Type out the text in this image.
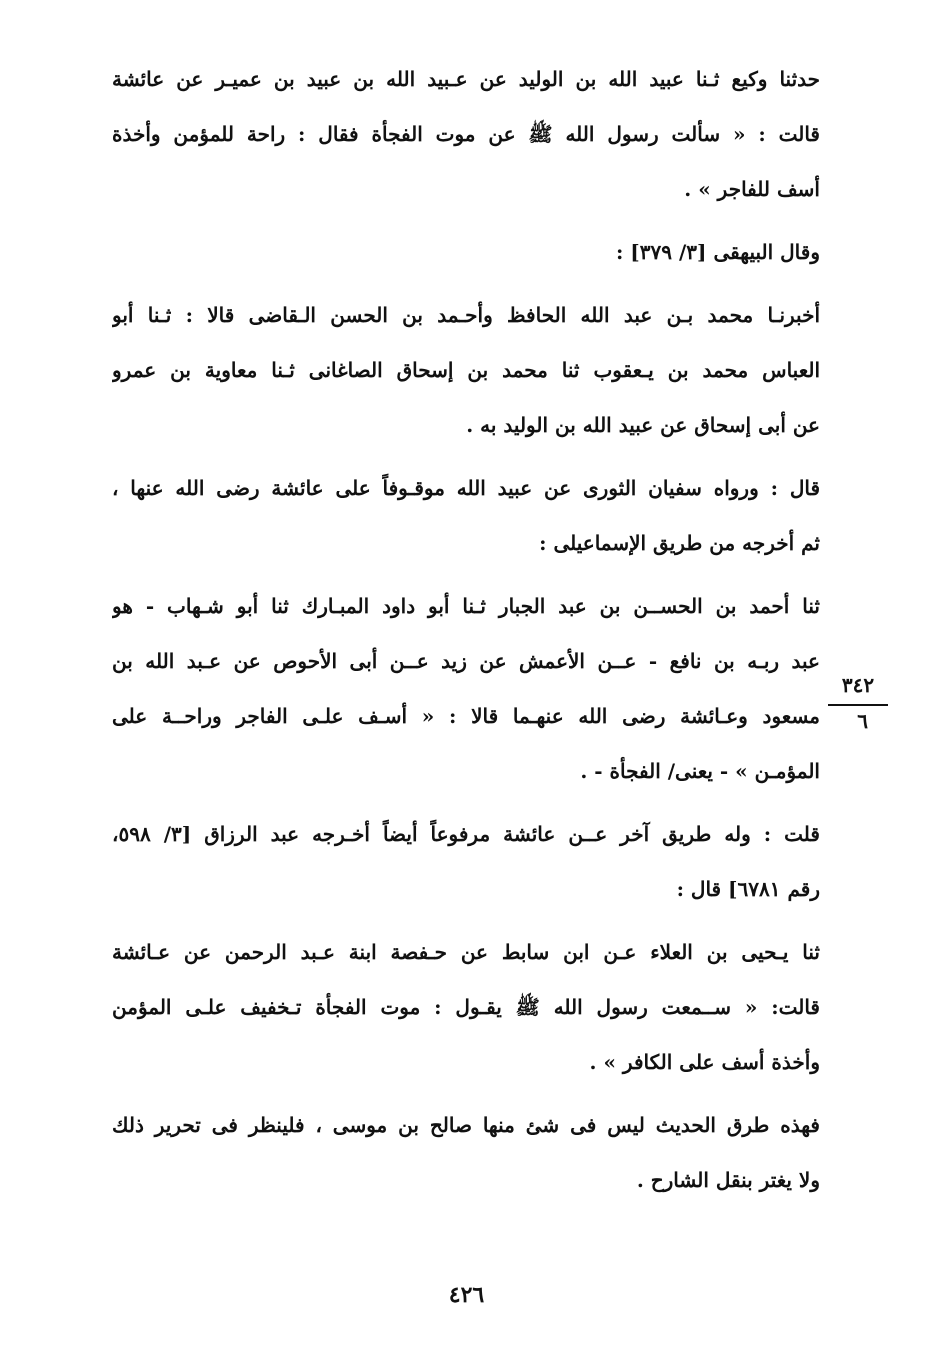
حدثنا وكيع ثـنا عبيد الله بن الوليد عن عـبيد الله بن عبيد بن عميـر عن عائشة
قالت : « سألت رسول الله ﷺ عن موت الفجأة فقال : راحة للمؤمن وأخذة
أسف للفاجر » .
وقال البيهقى [٣/ ٣٧٩] :
أخبرنـا محمد بـن عبد الله الحافظ وأحـمد بن الحسن الـقاضى قالا : ثـنا أبو
العباس محمد بن يـعقوب ثنا محمد بن إسحاق الصاغانى ثـنا معاوية بن عمرو
عن أبى إسحاق عن عبيد الله بن الوليد به .
قال : ورواه سفيان الثورى عن عبيد الله موقـوفاً على عائشة رضى الله عنها ،
ثم أخرجه من طريق الإسماعيلى :
ثنا أحمد بن الحســن بن عبد الجبار ثـنا أبو داود المبـارك ثنا أبو شـهاب - هو
عبد ربـه بن نافع - عــن الأعمش عن زيد عــن أبى الأحوص عن عـبد الله بن
مسعود وعـائشة رضى الله عنهـما قالا : « أسـف علـى الفاجر وراحــة على
المؤمـن » - يعنى/ الفجأة - .
قلت : وله طريق آخر عــن عائشة مرفوعاً أيضاً أخـرجه عبد الرزاق [٣/ ٥٩٨،
رقم ٦٧٨١] قال :
ثنا يـحيى بن العلاء عـن ابن سابط عن حـفصة ابنة عـبد الرحمن عن عـائشة
قالت: « ســمعت رسول الله ﷺ يقـول : موت الفجأة تـخفيف علـى المؤمن
وأخذة أسف على الكافر » .
فهذه طرق الحديث ليس فى شئ منها صالح بن موسى ، فلينظر فى تحرير ذلك
ولا يغتر بنقل الشارح .
٣٤٢
٦
٤٢٦
